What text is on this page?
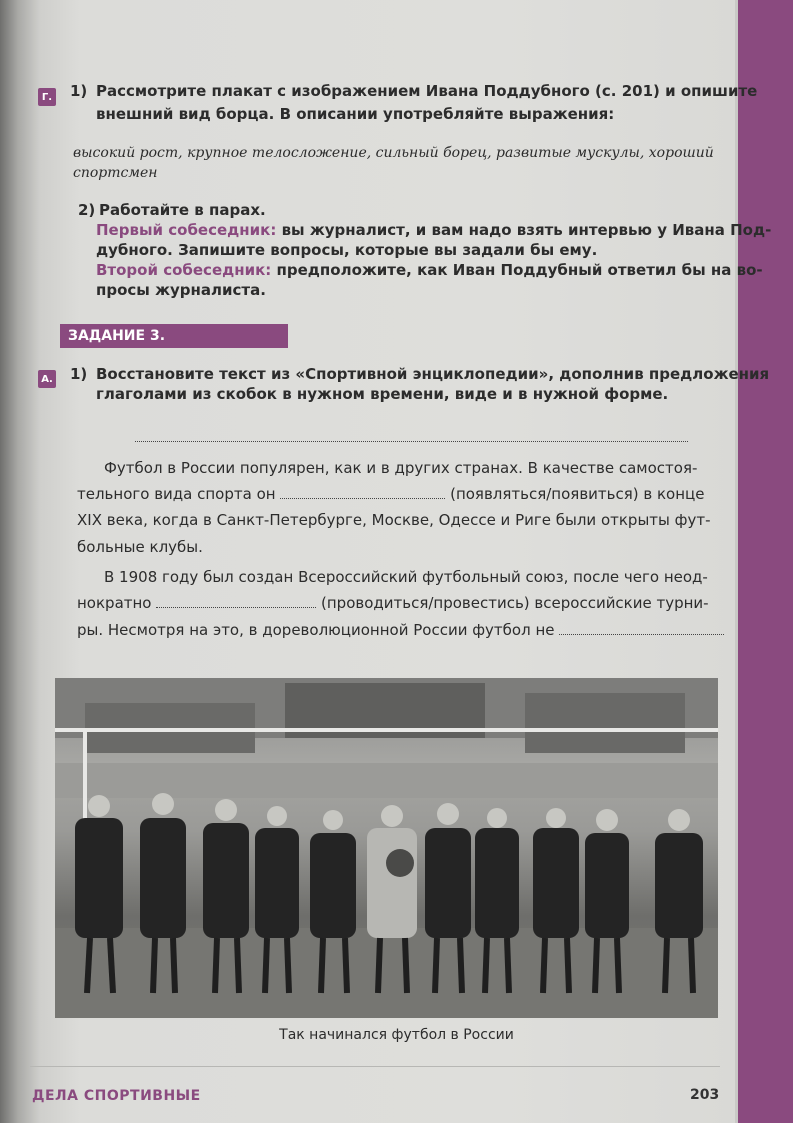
Г. 1) Рассмотрите плакат с изображением Ивана Поддубного (с. 201) и опишите

внешний вид борца. В описании употребляйте выражения:

высокий рост, крупное телосложение, сильный борец, развитые мускулы, хороший

спортсмен

2) Работайте в парах.

Первый собеседник: вы журналист, и вам надо взять интервью у Ивана Под-

дубного. Запишите вопросы, которые вы задали бы ему.

Второй собеседник: предположите, как Иван Поддубный ответил бы на во-

просы журналиста.

ЗАДАНИЕ 3.
А. 1) Восстановите текст из «Спортивной энциклопедии», дополнив предложения

глаголами из скобок в нужном времени, виде и в нужной форме.

Футбол в России популярен, как и в других странах. В качестве самостоя-

тельного вида спорта он	(появляться/появиться) в конце

XIX века, когда в Санкт-Петербурге, Москве, Одессе и Риге были открыты фут-

больные клубы.

В 1908 году был создан Всероссийский футбольный союз, после чего неод-

нократно	(проводиться/провестись) всероссийские турни-

ры. Несмотря на это, в дореволюционной России футбол не

Так начинался футбол в России
ДЕЛА СПОРТИВНЫЕ	203
